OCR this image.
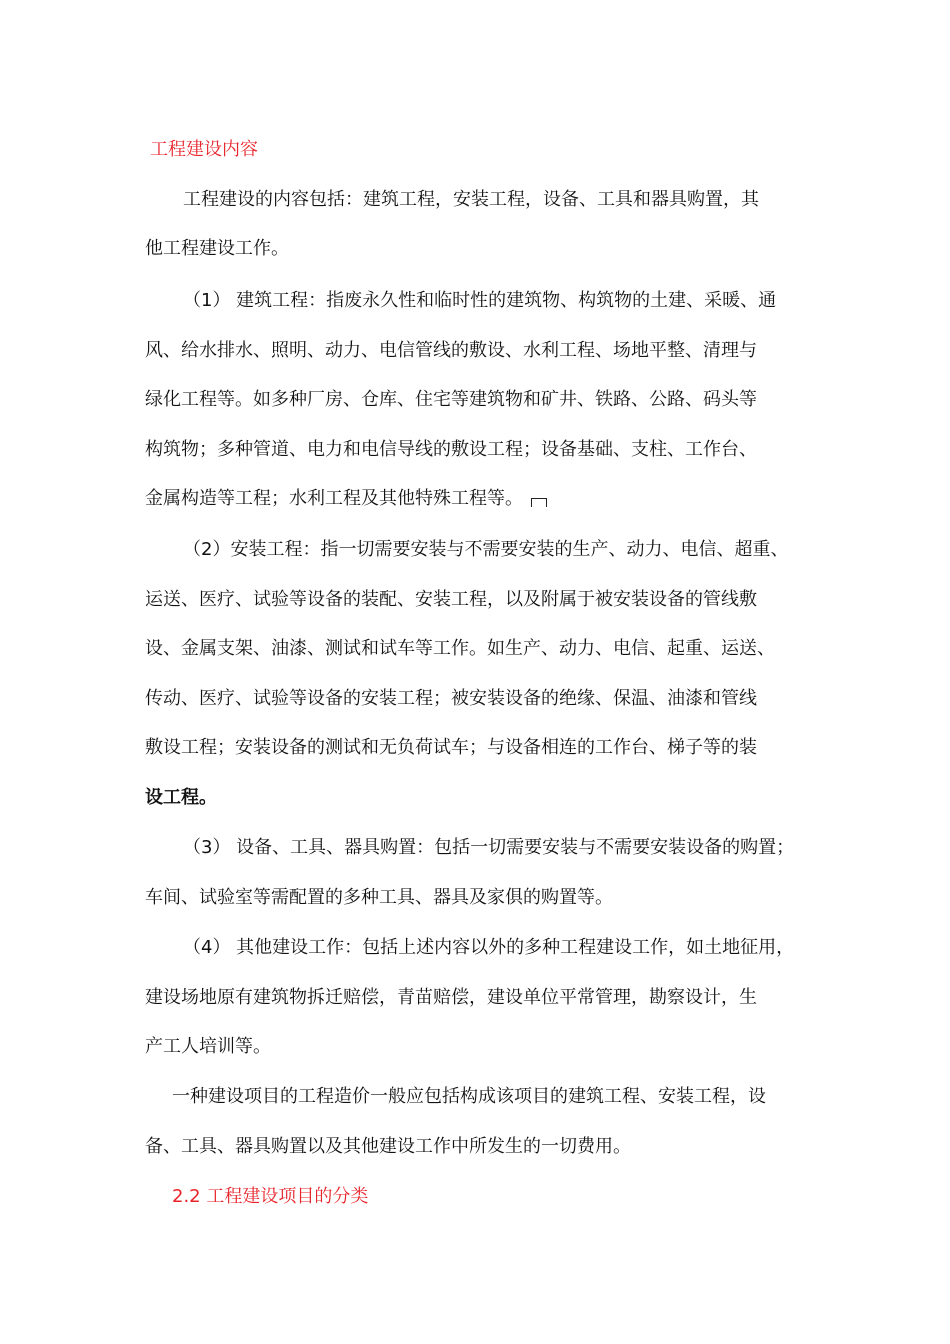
工程建设内容
工程建设的内容包括：建筑工程，安装工程，设备、工具和器具购置，其
他工程建设工作。
（1） 建筑工程：指废永久性和临时性的建筑物、构筑物的土建、采暖、通
风、给水排水、照明、动力、电信管线的敷设、水利工程、场地平整、清理与
绿化工程等。如多种厂房、仓库、住宅等建筑物和矿井、铁路、公路、码头等
构筑物；多种管道、电力和电信导线的敷设工程；设备基础、支柱、工作台、
金属构造等工程；水利工程及其他特殊工程等。
（2）安装工程：指一切需要安装与不需要安装的生产、动力、电信、超重、
运送、医疗、试验等设备的装配、安装工程，以及附属于被安装设备的管线敷
设、金属支架、油漆、测试和试车等工作。如生产、动力、电信、起重、运送、
传动、医疗、试验等设备的安装工程；被安装设备的绝缘、保温、油漆和管线
敷设工程；安装设备的测试和无负荷试车；与设备相连的工作台、梯子等的装
设工程。
（3） 设备、工具、器具购置：包括一切需要安装与不需要安装设备的购置；
车间、试验室等需配置的多种工具、器具及家俱的购置等。
（4） 其他建设工作：包括上述内容以外的多种工程建设工作，如土地征用，
建设场地原有建筑物拆迁赔偿，青苗赔偿，建设单位平常管理，勘察设计，生
产工人培训等。
一种建设项目的工程造价一般应包括构成该项目的建筑工程、安装工程，设
备、工具、器具购置以及其他建设工作中所发生的一切费用。
2.2 工程建设项目的分类
